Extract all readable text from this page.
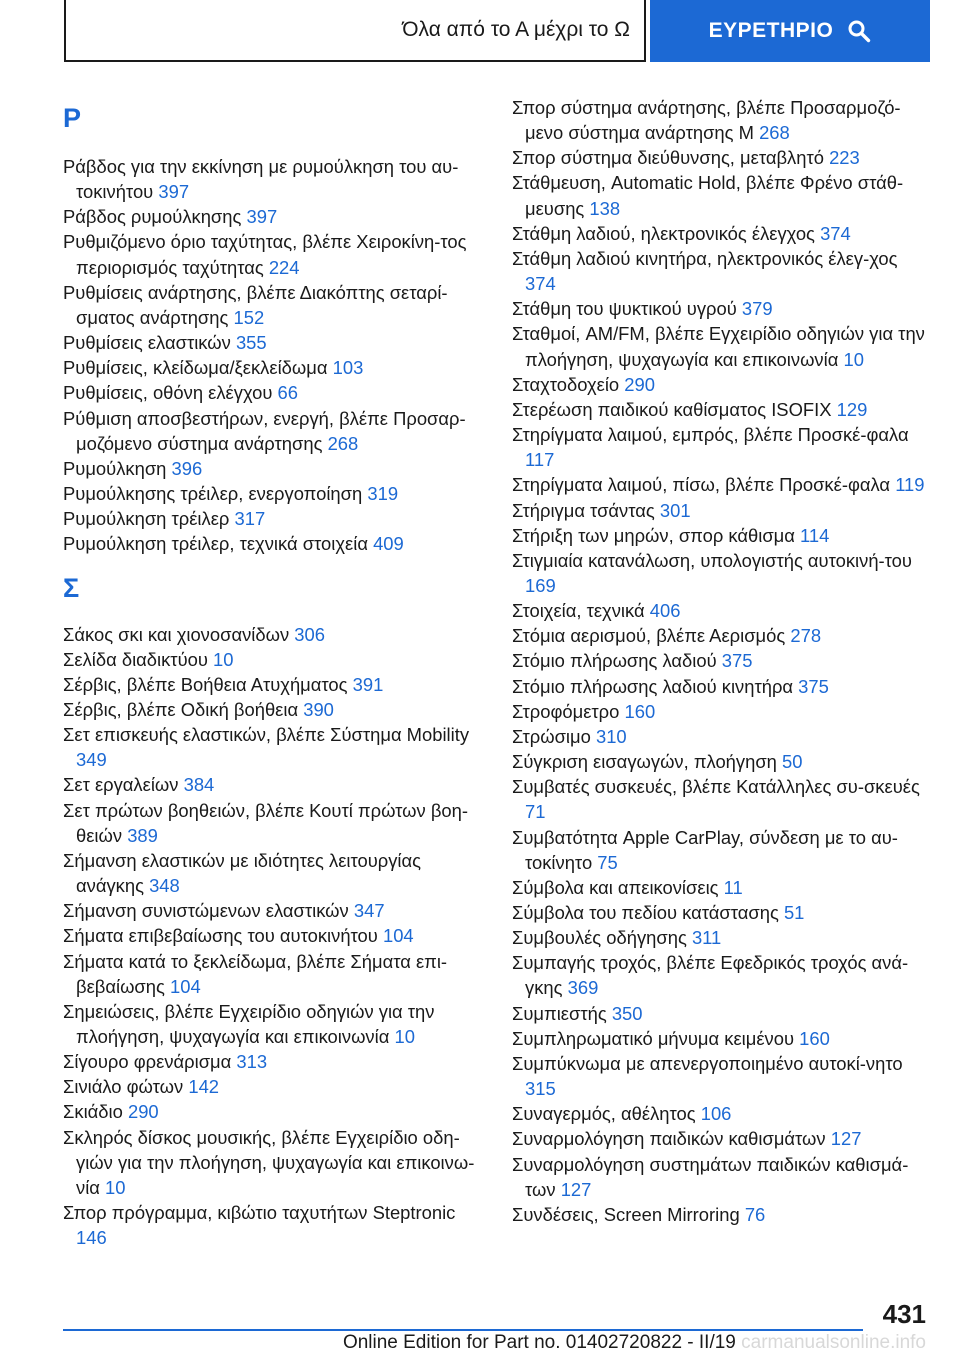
Όλα από το Α μέχρι το Ω	ΕΥΡΕΤΗΡΙΟ
Ρ
Ράβδος για την εκκίνηση με ρυμούλκηση του αυ-τοκινήτου 397
Ράβδος ρυμούλκησης 397
Ρυθμιζόμενο όριο ταχύτητας, βλέπε Χειροκίνη-τος περιορισμός ταχύτητας 224
Ρυθμίσεις ανάρτησης, βλέπε Διακόπτης σεταρί-σματος ανάρτησης 152
Ρυθμίσεις ελαστικών 355
Ρυθμίσεις, κλείδωμα/ξεκλείδωμα 103
Ρυθμίσεις, οθόνη ελέγχου 66
Ρύθμιση αποσβεστήρων, ενεργή, βλέπε Προσαρ-μοζόμενο σύστημα ανάρτησης 268
Ρυμούλκηση 396
Ρυμούλκησης τρέιλερ, ενεργοποίηση 319
Ρυμούλκηση τρέιλερ 317
Ρυμούλκηση τρέιλερ, τεχνικά στοιχεία 409
Σ
Σάκος σκι και χιονοσανίδων 306
Σελίδα διαδικτύου 10
Σέρβις, βλέπε Βοήθεια Ατυχήματος 391
Σέρβις, βλέπε Οδική βοήθεια 390
Σετ επισκευής ελαστικών, βλέπε Σύστημα Mobility 349
Σετ εργαλείων 384
Σετ πρώτων βοηθειών, βλέπε Κουτί πρώτων βοη-θειών 389
Σήμανση ελαστικών με ιδιότητες λειτουργίας ανάγκης 348
Σήμανση συνιστώμενων ελαστικών 347
Σήματα επιβεβαίωσης του αυτοκινήτου 104
Σήματα κατά το ξεκλείδωμα, βλέπε Σήματα επι-βεβαίωσης 104
Σημειώσεις, βλέπε Εγχειρίδιο οδηγιών για την πλοήγηση, ψυχαγωγία και επικοινωνία 10
Σίγουρο φρενάρισμα 313
Σινιάλο φώτων 142
Σκιάδιο 290
Σκληρός δίσκος μουσικής, βλέπε Εγχειρίδιο οδη-γιών για την πλοήγηση, ψυχαγωγία και επικοινω-νία 10
Σπορ πρόγραμμα, κιβώτιο ταχυτήτων Steptronic 146
Σπορ σύστημα ανάρτησης, βλέπε Προσαρμοζό-μενο σύστημα ανάρτησης M 268
Σπορ σύστημα διεύθυνσης, μεταβλητό 223
Στάθμευση, Automatic Hold, βλέπε Φρένο στάθ-μευσης 138
Στάθμη λαδιού, ηλεκτρονικός έλεγχος 374
Στάθμη λαδιού κινητήρα, ηλεκτρονικός έλεγ-χος 374
Στάθμη του ψυκτικού υγρού 379
Σταθμοί, AM/FM, βλέπε Εγχειρίδιο οδηγιών για την πλοήγηση, ψυχαγωγία και επικοινωνία 10
Σταχτοδοχείο 290
Στερέωση παιδικού καθίσματος ISOFIX 129
Στηρίγματα λαιμού, εμπρός, βλέπε Προσκέ-φαλα 117
Στηρίγματα λαιμού, πίσω, βλέπε Προσκέ-φαλα 119
Στήριγμα τσάντας 301
Στήριξη των μηρών, σπορ κάθισμα 114
Στιγμιαία κατανάλωση, υπολογιστής αυτοκινή-του 169
Στοιχεία, τεχνικά 406
Στόμια αερισμού, βλέπε Αερισμός 278
Στόμιο πλήρωσης λαδιού 375
Στόμιο πλήρωσης λαδιού κινητήρα 375
Στροφόμετρο 160
Στρώσιμο 310
Σύγκριση εισαγωγών, πλοήγηση 50
Συμβατές συσκευές, βλέπε Κατάλληλες συ-σκευές 71
Συμβατότητα Apple CarPlay, σύνδεση με το αυ-τοκίνητο 75
Σύμβολα και απεικονίσεις 11
Σύμβολα του πεδίου κατάστασης 51
Συμβουλές οδήγησης 311
Συμπαγής τροχός, βλέπε Εφεδρικός τροχός ανά-γκης 369
Συμπιεστής 350
Συμπληρωματικό μήνυμα κειμένου 160
Συμπύκνωμα με απενεργοποιημένο αυτοκί-νητο 315
Συναγερμός, αθέλητος 106
Συναρμολόγηση παιδικών καθισμάτων 127
Συναρμολόγηση συστημάτων παιδικών καθισμά-των 127
Συνδέσεις, Screen Mirroring 76
431
Online Edition for Part no. 01402720822 - II/19 carmanualsonline.info
